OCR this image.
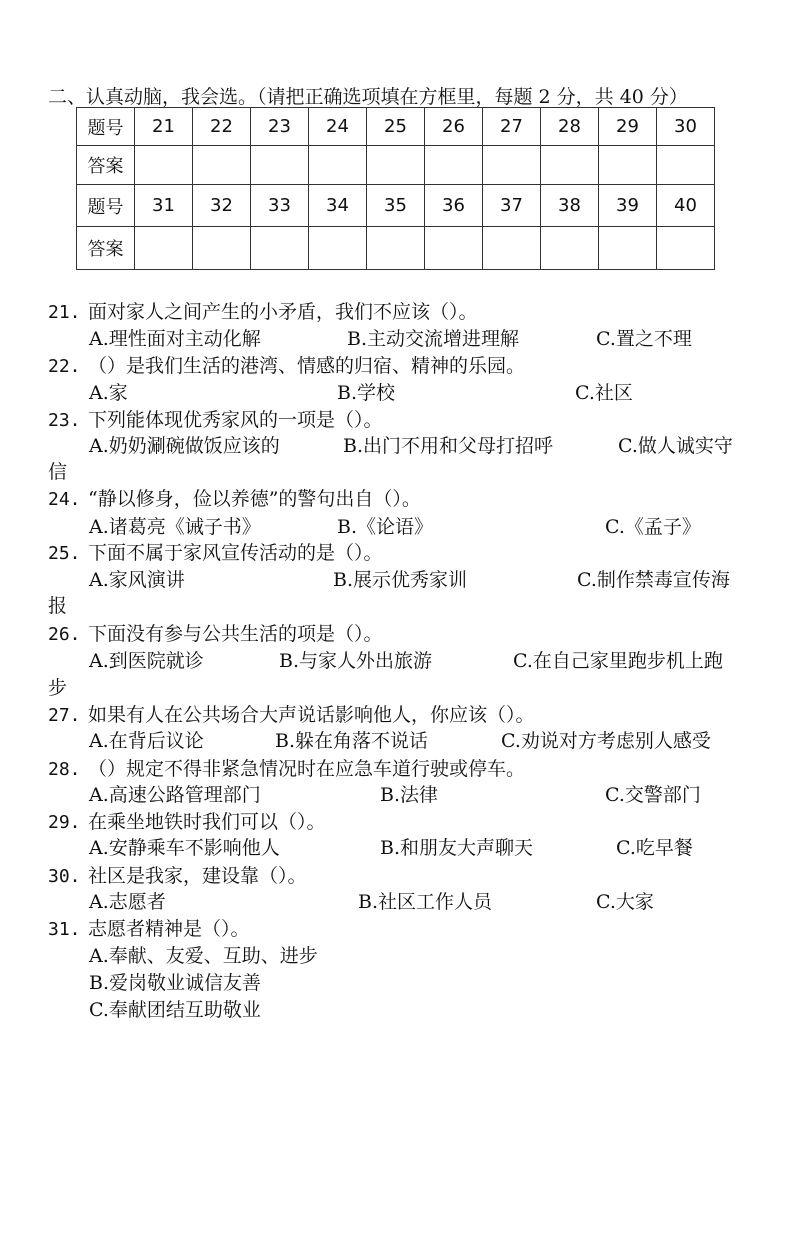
二、认真动脑，我会选。（请把正确选项填在方框里，每题 2 分，共 40 分）
题号	21	22	23	24	25	26	27	28	29	30
答案										
题号	31	32	33	34	35	36	37	38	39	40
答案										
21. 面对家人之间产生的小矛盾，我们不应该（）。
A.理性面对主动化解	B.主动交流增进理解	C.置之不理
22. （）是我们生活的港湾、情感的归宿、精神的乐园。
A.家	B.学校	C.社区
23. 下列能体现优秀家风的一项是（）。
A.奶奶涮碗做饭应该的	B.出门不用和父母打招呼	C.做人诚实守
信
24. “静以修身，俭以养德”的警句出自（）。
A.诸葛亮《诫子书》	B.《论语》	C.《孟子》
25. 下面不属于家风宣传活动的是（）。
A.家风演讲	B.展示优秀家训	C.制作禁毒宣传海
报
26. 下面没有参与公共生活的项是（）。
A.到医院就诊	B.与家人外出旅游	C.在自己家里跑步机上跑
步
27. 如果有人在公共场合大声说话影响他人，你应该（）。
A.在背后议论	B.躲在角落不说话	C.劝说对方考虑别人感受
28. （）规定不得非紧急情况时在应急车道行驶或停车。
A.高速公路管理部门	B.法律	C.交警部门
29. 在乘坐地铁时我们可以（）。
A.安静乘车不影响他人	B.和朋友大声聊天	C.吃早餐
30. 社区是我家，建设靠（）。
A.志愿者	B.社区工作人员	C.大家
31. 志愿者精神是（）。
A.奉献、友爱、互助、进步
B.爱岗敬业诚信友善
C.奉献团结互助敬业
